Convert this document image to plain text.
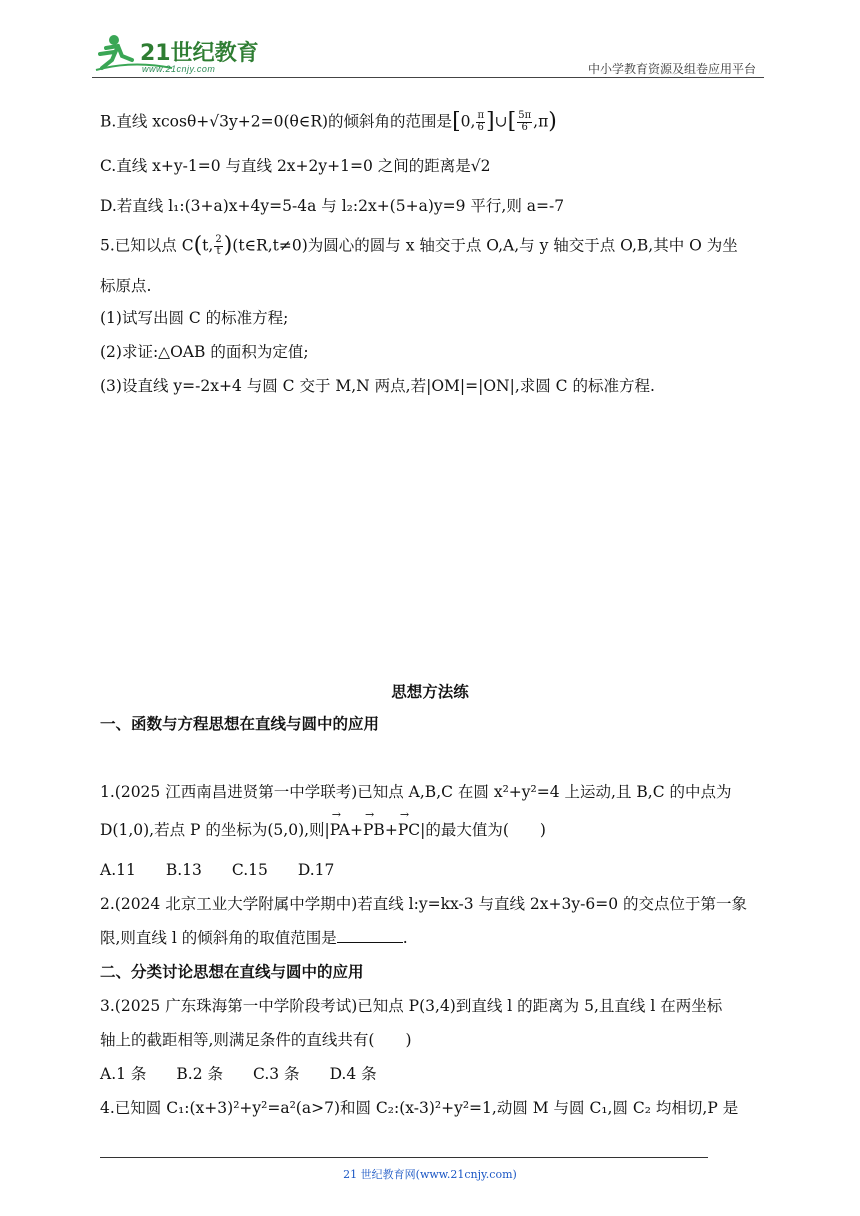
21世纪教育
www.21cnjy.com	中小学教育资源及组卷应用平台
B.直线 xcosθ+√3y+2=0(θ∈R)的倾斜角的范围是[0, $\frac{\pi}{6}$ ]∪[ $\frac{5\pi}{6} ,\pi$)
C.直线 x+y-1=0 与直线 2x+2y+1=0 之间的距离是√2
D.若直线 l₁:(3+a)x+4y=5-4a 与 l₂:2x+(5+a)y=9 平行,则 a=-7
5.已知以点 C(t, $\frac{2}{t}$ )(t∈R,t≠0)为圆心的圆与 x 轴交于点 O,A,与 y 轴交于点 O,B,其中 O 为坐
标原点.
(1)试写出圆 C 的标准方程;
(2)求证:△OAB 的面积为定值;
(3)设直线 y=-2x+4 与圆 C 交于 M,N 两点,若|OM|=|ON|,求圆 C 的标准方程.
思想方法练
一、函数与方程思想在直线与圆中的应用
1.(2025 江西南昌进贤第一中学联考)已知点 A,B,C 在圆 x²+y²=4 上运动,且 B,C 的中点为
D(1,0),若点 P 的坐标为(5,0),则|→ PA+→ PB+→ PC|的最大值为(　　)
A.11 B.13 C.15 D.17
2.(2024 北京工业大学附属中学期中)若直线 l:y=kx-3 与直线 2x+3y-6=0 的交点位于第一象
限,则直线 l 的倾斜角的取值范围是	.
二、分类讨论思想在直线与圆中的应用
3.(2025 广东珠海第一中学阶段考试)已知点 P(3,4)到直线 l 的距离为 5,且直线 l 在两坐标
轴上的截距相等,则满足条件的直线共有(　　)
A.1 条 B.2 条 C.3 条 D.4 条
4.已知圆 C₁:(x+3)²+y²=a²(a>7)和圆 C₂:(x-3)²+y²=1,动圆 M 与圆 C₁,圆 C₂ 均相切,P 是
21 世纪教育网(www.21cnjy.com)
